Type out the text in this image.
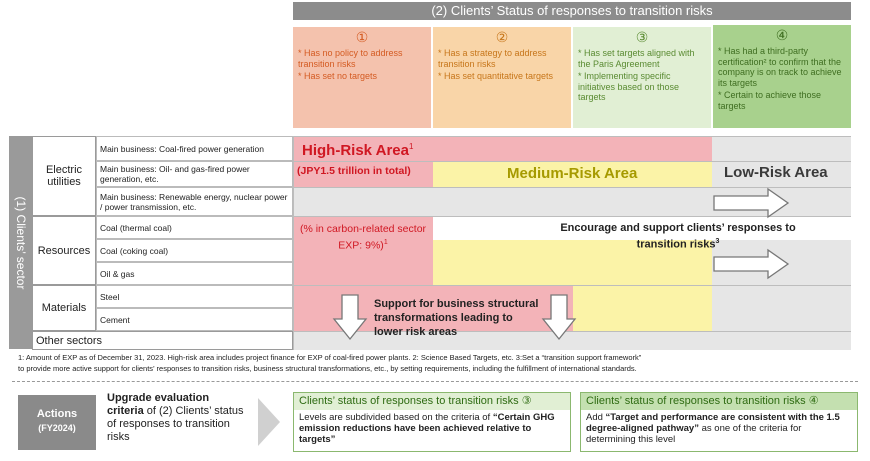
(2) Clients’ Status of responses to transition risks
①

* Has no policy to address transition risks

* Has set no targets

②

* Has a strategy to address transition risks

* Has set quantitative targets

③

* Has set targets aligned with the Paris Agreement

* Implementing specific initiatives based on those targets

④

* Has had a third-party certification² to confirm that the company is on track to achieve its targets

* Certain to achieve those targets

(1) Clients’ sector
Electric utilities
Resources
Materials
Other sectors
Main business: Coal-fired power generation
Main business: Oil- and gas-fired power generation, etc.
Main business: Renewable energy, nuclear power / power transmission, etc.
Coal (thermal coal)
Coal (coking coal)
Oil & gas
Steel
Cement
High-Risk Area$^1$
(JPY1.5 trillion in total)
(% in carbon-related sector EXP: 9%)$^1$
Medium-Risk Area	Low-Risk Area
Encourage and support clients’ responses to transition risks$^3$
Support for business structural transformations leading to lower risk areas
1: Amount of EXP as of December 31, 2023. High-risk area includes project finance for EXP of coal-fired power plants. 2: Science Based Targets, etc. 3:Set a “transition support framework”
to provide more active support for clients’ responses to transition risks, business structural transformations, etc., by setting requirements, including the fulfillment of international standards.
Actions
(FY2024)
Upgrade evaluation criteria of (2) Clients’ status of responses to transition risks
Clients’ status of responses to transition risks ③
Levels are subdivided based on the criteria of “Certain GHG emission reductions have been achieved relative to targets”
Clients’ status of responses to transition risks ④
Add “Target and performance are consistent with the 1.5 degree-aligned pathway” as one of the criteria for determining this level
